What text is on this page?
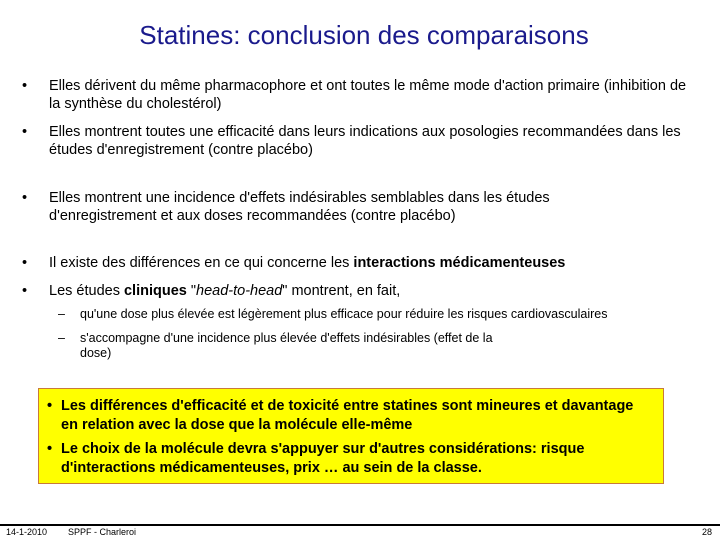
Statines: conclusion des comparaisons
• Elles dérivent du même pharmacophore et ont toutes le même mode d'action primaire (inhibition de la synthèse du cholestérol)
• Elles montrent toutes une efficacité dans leurs indications aux posologies recommandées dans les études d'enregistrement (contre placébo)
• Elles montrent une incidence d'effets indésirables semblables dans les études d'enregistrement et aux doses recommandées (contre placébo)
• Il existe des différences en ce qui concerne les interactions médicamenteuses
• Les études cliniques "head-to-head" montrent, en fait,
– qu'une dose plus élevée est légèrement plus efficace pour réduire les risques cardiovasculaires
– s'accompagne d'une incidence plus élevée d'effets indésirables (effet de la dose)
• Les différences d'efficacité et de toxicité entre statines sont mineures et davantage en relation avec la dose que la molécule elle-même
• Le choix de la molécule devra s'appuyer sur d'autres considérations: risque d'interactions médicamenteuses, prix … au sein de la classe.
14-1-2010 SPPF - Charleroi	28
